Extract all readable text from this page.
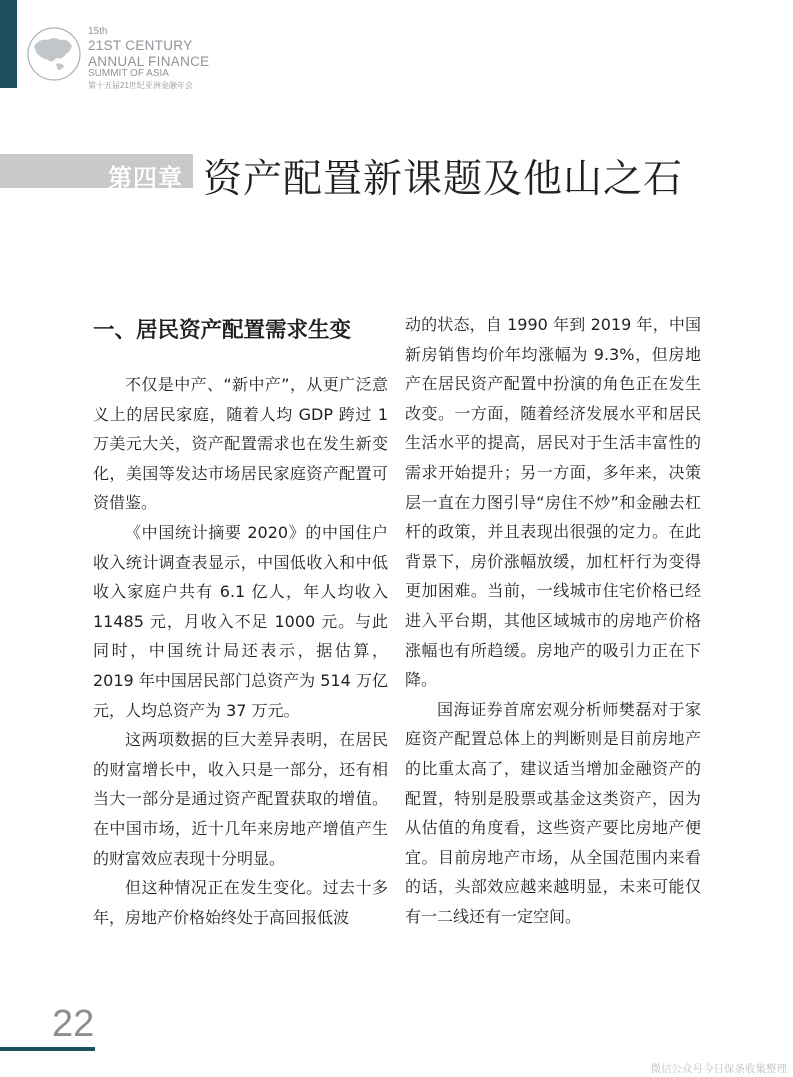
15th
21ST CENTURY
ANNUAL FINANCE
SUMMIT OF ASIA
第十五届21世纪亚洲金融年会
第四章 资产配置新课题及他山之石
一、居民资产配置需求生变

不仅是中产、“新中产”，从更广泛意义上的居民家庭，随着人均 GDP 跨过 1 万美元大关，资产配置需求也在发生新变化，美国等发达市场居民家庭资产配置可资借鉴。

《中国统计摘要 2020》的中国住户收入统计调查表显示，中国低收入和中低收入家庭户共有 6.1 亿人，年人均收入 11485 元，月收入不足 1000 元。与此同时，中国统计局还表示，据估算，2019 年中国居民部门总资产为 514 万亿元，人均总资产为 37 万元。

这两项数据的巨大差异表明，在居民的财富增长中，收入只是一部分，还有相当大一部分是通过资产配置获取的增值。在中国市场，近十几年来房地产增值产生的财富效应表现十分明显。

但这种情况正在发生变化。过去十多年，房地产价格始终处于高回报低波

动的状态，自 1990 年到 2019 年，中国新房销售均价年均涨幅为 9.3%，但房地产在居民资产配置中扮演的角色正在发生改变。一方面，随着经济发展水平和居民生活水平的提高，居民对于生活丰富性的需求开始提升；另一方面，多年来，决策层一直在力图引导“房住不炒”和金融去杠杆的政策，并且表现出很强的定力。在此背景下，房价涨幅放缓，加杠杆行为变得更加困难。当前，一线城市住宅价格已经进入平台期，其他区域城市的房地产价格涨幅也有所趋缓。房地产的吸引力正在下降。

国海证券首席宏观分析师樊磊对于家庭资产配置总体上的判断则是目前房地产的比重太高了，建议适当增加金融资产的配置，特别是股票或基金这类资产，因为从估值的角度看，这些资产要比房地产便宜。目前房地产市场，从全国范围内来看的话，头部效应越来越明显，未来可能仅有一二线还有一定空间。

22
微信公众号今日保条收集整理
